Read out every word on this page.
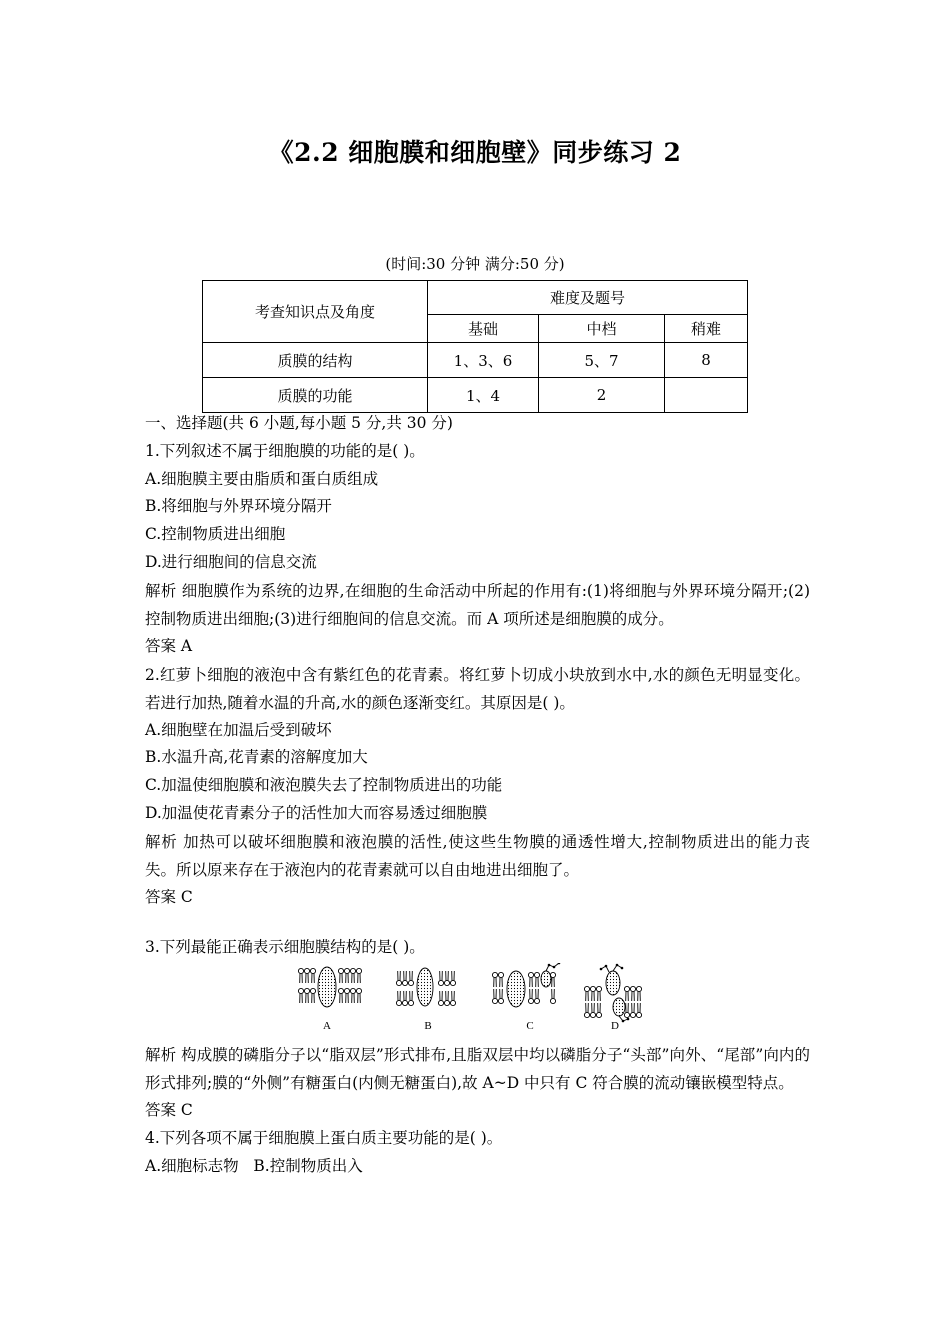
《2.2 细胞膜和细胞壁》同步练习 2
(时间:30 分钟 满分:50 分)
考查知识点及角度	难度及题号		
	基础	中档	稍难
质膜的结构	1、3、6	5、7	8
质膜的功能	1、4	2	
一、选择题(共 6 小题,每小题 5 分,共 30 分)
1.下列叙述不属于细胞膜的功能的是( )。
A.细胞膜主要由脂质和蛋白质组成
B.将细胞与外界环境分隔开
C.控制物质进出细胞
D.进行细胞间的信息交流
解析 细胞膜作为系统的边界,在细胞的生命活动中所起的作用有:(1)将细胞与外界环境分隔开;(2)控制物质进出细胞;(3)进行细胞间的信息交流。而 A 项所述是细胞膜的成分。
答案 A
2.红萝卜细胞的液泡中含有紫红色的花青素。将红萝卜切成小块放到水中,水的颜色无明显变化。若进行加热,随着水温的升高,水的颜色逐渐变红。其原因是( )。
A.细胞壁在加温后受到破坏
B.水温升高,花青素的溶解度加大
C.加温使细胞膜和液泡膜失去了控制物质进出的功能
D.加温使花青素分子的活性加大而容易透过细胞膜
解析 加热可以破坏细胞膜和液泡膜的活性,使这些生物膜的通透性增大,控制物质进出的能力丧失。所以原来存在于液泡内的花青素就可以自由地进出细胞了。
答案 C
3.下列最能正确表示细胞膜结构的是( )。
A	B	C	D
解析 构成膜的磷脂分子以“脂双层”形式排布,且脂双层中均以磷脂分子“头部”向外、“尾部”向内的形式排列;膜的“外侧”有糖蛋白(内侧无糖蛋白),故 A~D 中只有 C 符合膜的流动镶嵌模型特点。
答案 C
4.下列各项不属于细胞膜上蛋白质主要功能的是( )。
A.细胞标志物   B.控制物质出入
